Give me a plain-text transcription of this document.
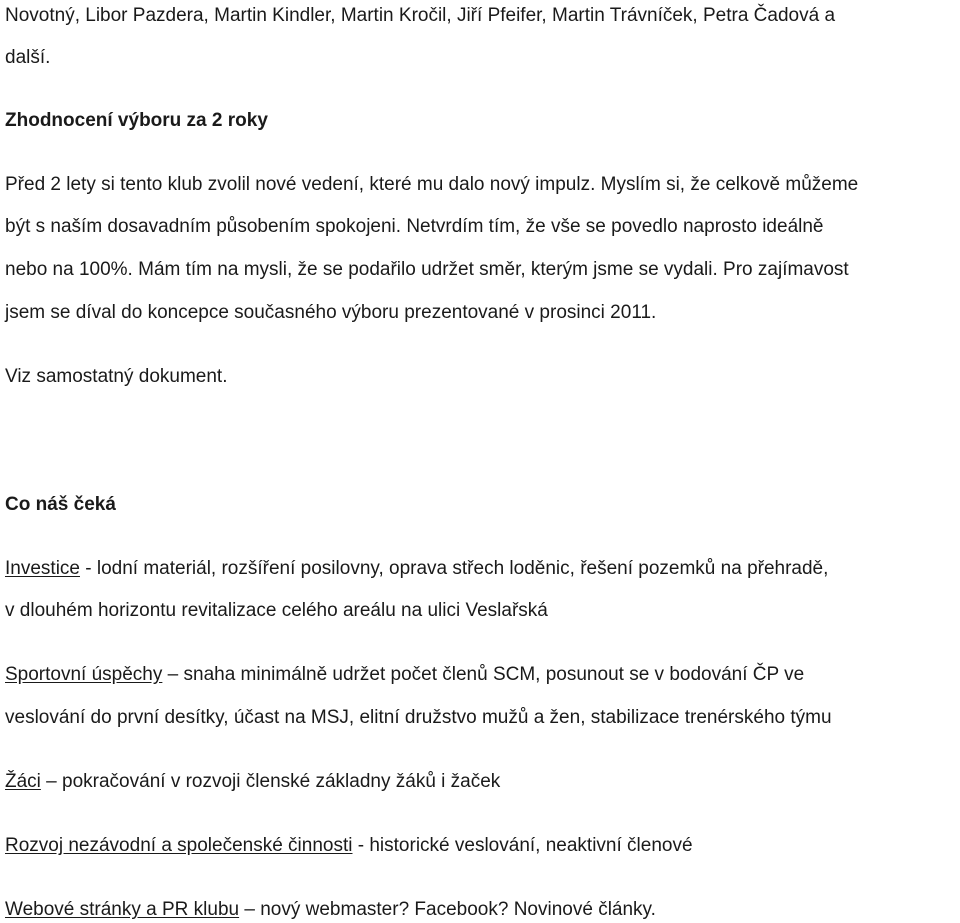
Novotný, Libor Pazdera, Martin Kindler, Martin Kročil, Jiří Pfeifer, Martin Trávníček, Petra Čadová a
další.
Zhodnocení výboru za 2 roky
Před 2 lety si tento klub zvolil nové vedení, které mu dalo nový impulz. Myslím si, že celkově můžeme
být s naším dosavadním působením spokojeni. Netvrdím tím, že vše se povedlo naprosto ideálně
nebo na 100%. Mám tím na mysli, že se podařilo udržet směr, kterým jsme se vydali. Pro zajímavost
jsem se díval do koncepce současného výboru prezentované v prosinci 2011.
Viz samostatný dokument.
Co náš čeká
Investice - lodní materiál, rozšíření posilovny, oprava střech loděnic, řešení pozemků na přehradě,
v dlouhém horizontu revitalizace celého areálu na ulici Veslařská
Sportovní úspěchy – snaha minimálně udržet počet členů SCM, posunout se v bodování ČP ve
veslování do první desítky, účast na MSJ, elitní družstvo mužů a žen, stabilizace trenérského týmu
Žáci – pokračování v rozvoji členské základny žáků i žaček
Rozvoj nezávodní a společenské činnosti - historické veslování, neaktivní členové
Webové stránky a PR klubu – nový webmaster? Facebook? Novinové články.
